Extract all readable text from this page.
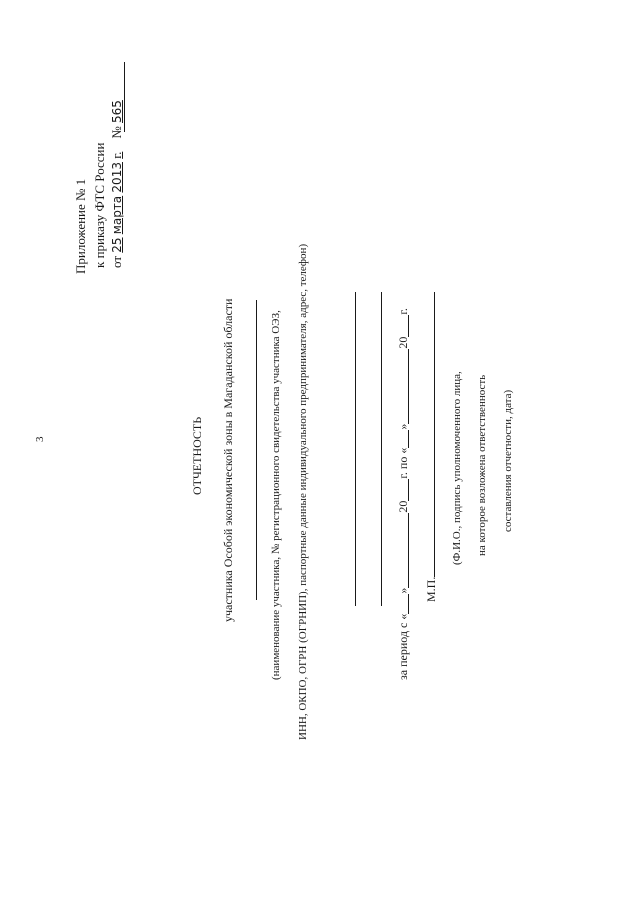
3
Приложение № 1 к приказу ФТС России от 25 марта 2013 г.    № 565
ОТЧЕТНОСТЬ участника Особой экономической зоны в Магаданской области	(наименование участника, № регистрационного свидетельства участника ОЭЗ, ИНН, ОКПО, ОГРН (ОГРНИП), паспортные данные индивидуального предпринимателя, адрес, телефон)	за период с «»20г. по «»20г.
М.П.
(Ф.И.О., подпись уполномоченного лица, на которое возложена ответственность составления отчетности, дата)
